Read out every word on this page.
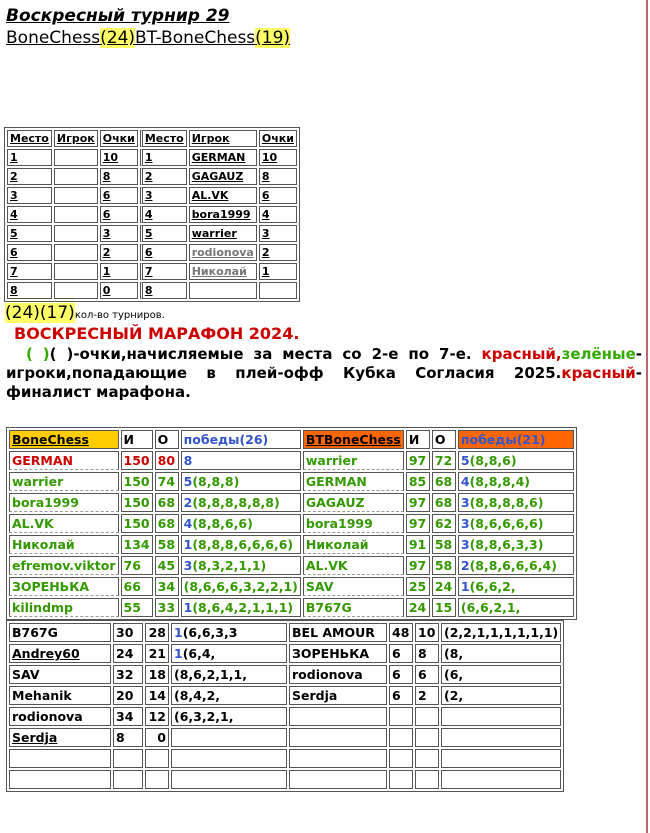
Воскресный турнир 29
BoneChess(24)BT-BoneChess(19)
Место	Игрок	Очки	Место	Игрок	Очки
1		10	1	GERMAN	10
2		8	2	GAGAUZ	8
3		6	3	AL.VK	6
4		6	4	bora1999	4
5		3	5	warrier	3
6		2	6	rodionova	2
7		1	7	Николай	1
8		0	8		
(24)(17)кол-во турниров.
ВОСКРЕСНЫЙ МАРАФОН 2024.
( )( )-очки,начисляемые за места со 2-е по 7-е. красный,зелёные-игроки,попадающие в плей-офф Кубка Согласия 2025.красный-финалист марафона.
BoneChess	И	О	победы(26)	BTBoneChess	И	О	победы(21)
GERMAN	150	80	8	warrier	97	72	5(8,8,6)
warrier	150	74	5(8,8,8)	GERMAN	85	68	4(8,8,8,4)
bora1999	150	68	2(8,8,8,8,8,8)	GAGAUZ	97	68	3(8,8,8,8,6)
AL.VK	150	68	4(8,8,6,6)	bora1999	97	62	3(8,6,6,6,6)
Николай	134	58	1(8,8,8,6,6,6,6)	Николай	91	58	3(8,8,6,3,3)
efremov.viktor	76	45	3(8,3,2,1,1)	AL.VK	97	58	2(8,8,6,6,6,4)
ЗОРЕНЬКА	66	34	(8,6,6,6,3,2,2,1)	SAV	25	24	1(6,6,2,
kilindmp	55	33	1(8,6,4,2,1,1,1)	B767G	24	15	(6,6,2,1,
B767G	30	28	1(6,6,3,3	BEL AMOUR	48	10	(2,2,1,1,1,1,1,1)
Andrey60	24	21	1(6,4,	ЗОРЕНЬКА	6	8	(8,
SAV	32	18	(8,6,2,1,1,	rodionova	6	6	(6,
Mehanik	20	14	(8,4,2,	Serdja	6	2	(2,
rodionova	34	12	(6,3,2,1,				
Serdja	8	0					
